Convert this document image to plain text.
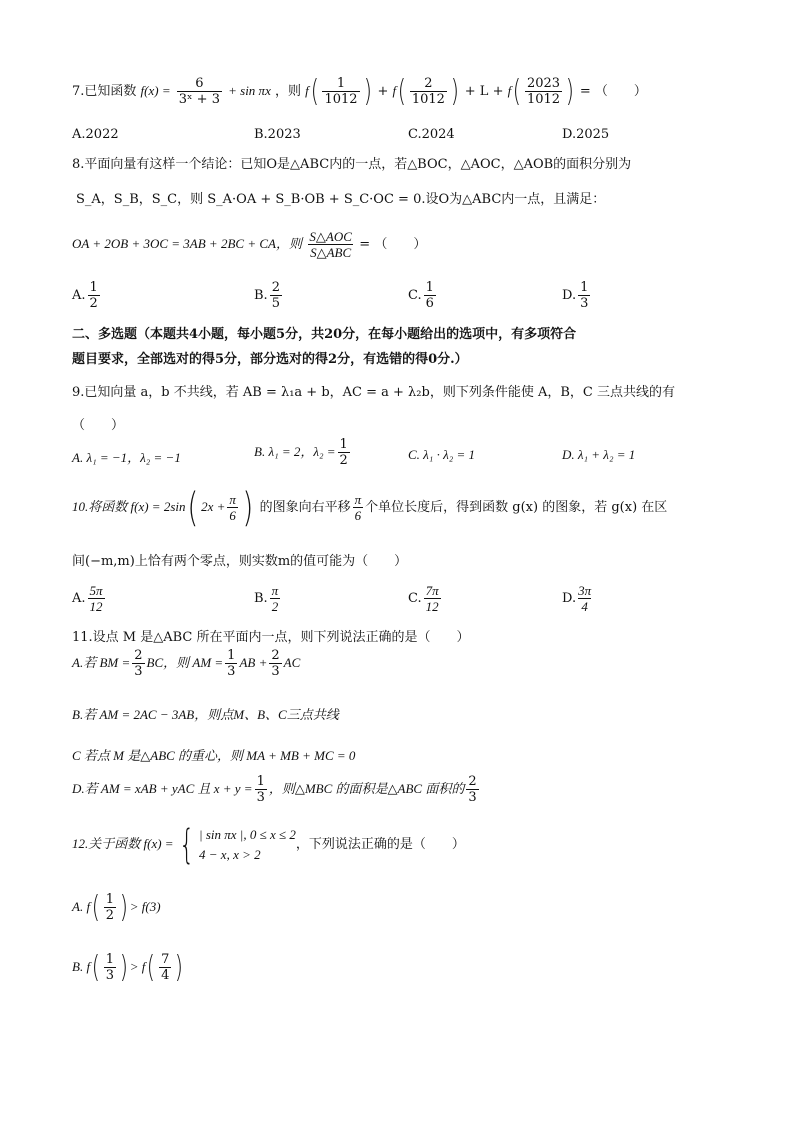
7.已知函数 $f(x) = \frac{6}{\text{3ˣ + 3}} + \sin \pi x$ ，则 $f( \frac{1}{1012}$ ) + $f( \frac{2}{1012}$ ) + $L + f( \frac{2023}{1012}$ ) = （　　）
A.2022	B.2023	C.2024	D.2025
8.平面向量有这样一个结论：已知O是△ABC内的一点，若△BOC，△AOC，△AOB的面积分别为
S_A，S_B，S_C，则 S_A·OA + S_B·OB + S_C·OC = 0.设O为△ABC内一点，且满足：
OA + 2OB + 3OC = 3AB + 2BC + CA，则 $\frac{\text{S△AOC}}{\text{S△ABC}}$ = （　　）
A. $\frac{1}{2}$	B. $\frac{2}{5}$	C. $\frac{1}{6}$	D. $\frac{1}{3}$
二、多选题（本题共4小题，每小题5分，共20分，在每小题给出的选项中，有多项符合
题目要求，全部选对的得5分，部分选对的得2分，有选错的得0分.）
9.已知向量 a，b 不共线，若 AB = λ₁a + b，AC = a + λ₂b，则下列条件能使 A，B，C 三点共线的有
（　　）
A. λ₁ = −1，λ₂ = −1	B. λ₁ = 2，$\lambda_2 = \frac{1}{2}$	C. λ₁ · λ₂ = 1	D. λ₁ + λ₂ = 1
10.将函数 f(x) = 2sin( $2x + \frac{\pi}{6}$ ) 的图象向右平移 $\frac{\pi}{6}$ 个单位长度后，得到函数 g(x) 的图象，若 g(x) 在区
间(−m,m)上恰有两个零点，则实数m的值可能为（　　）
A. $\frac{5\pi}{12}$	B. $\frac{\pi}{2}$	C. $\frac{7\pi}{12}$	D. $\frac{3\pi}{4}$
11.设点 M 是△ABC 所在平面内一点，则下列说法正确的是（　　）
A.若 BM = $\frac{2}{3}$ BC，则 AM = $\frac{1}{3}$ AB + $\frac{2}{3}$ AC
B.若 AM = 2AC − 3AB，则点M、B、C三点共线
C 若点 M 是△ABC 的重心，则 MA + MB + MC = 0
D.若 AM = xAB + yAC 且 $x + y = \frac{1}{3}$ ，则△MBC 的面积是△ABC 面积的 $\frac{2}{3}$
12.关于函数 f(x) = { | sin πx |, 0 ≤ x ≤ 2
4 − x, x > 2
，下列说法正确的是（　　）
A. $f( \frac{1}{2}$ ) > f(3)
B. $f( \frac{1}{3}$ ) > $f( \frac{7}{4}$ )
